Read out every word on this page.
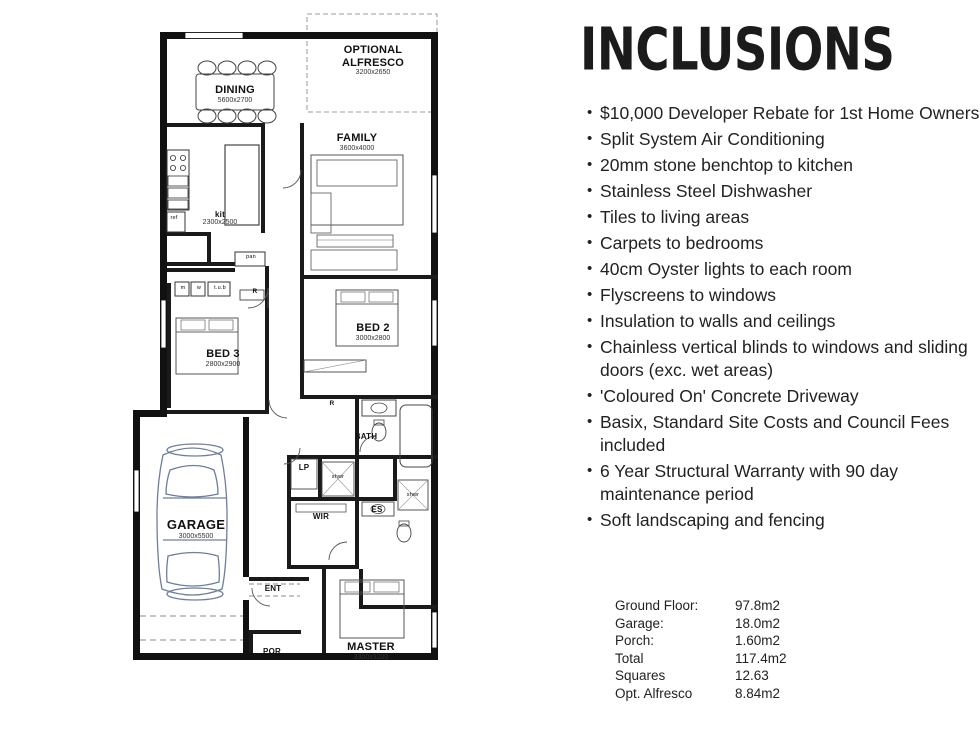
OPTIONAL ALFRESCO
3200x2650
DINING
5600x2700
FAMILY
3600x4000
kit
2300x2500
BED 3
2800x2900
BED 2
3000x2800
BATH
GARAGE
3000x5500
MASTER
3300x3200
WIR
ES
ENT
POR
LP
ref
pan
t.u.b
m	w	R
R
shwr
shwr
INCLUSIONS
• $10,000 Developer Rebate for 1st Home Owners
• Split System Air Conditioning
• 20mm stone benchtop to kitchen
• Stainless Steel Dishwasher
• Tiles to living areas
• Carpets to bedrooms
• 40cm Oyster lights to each room
• Flyscreens to windows
• Insulation to walls and ceilings
• Chainless vertical blinds to windows and sliding doors (exc. wet areas)
• 'Coloured On' Concrete Driveway
• Basix, Standard Site Costs and Council Fees included
• 6 Year Structural Warranty with 90 day maintenance period
• Soft landscaping and fencing
Ground Floor:	97.8m2
Garage:	18.0m2
Porch:	1.60m2
Total	117.4m2
Squares	12.63
Opt. Alfresco	8.84m2
